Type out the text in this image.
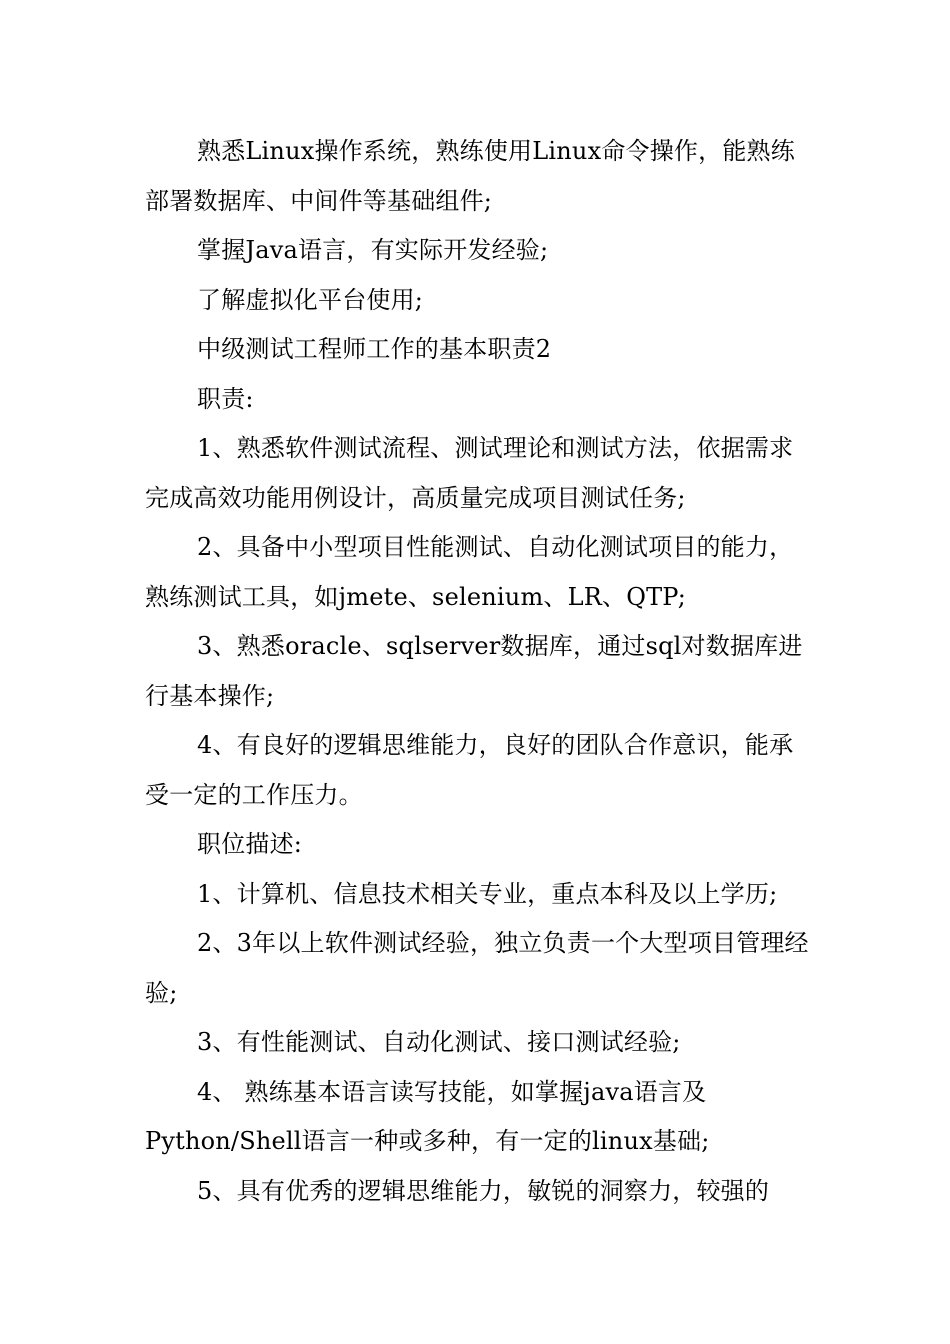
熟悉Linux操作系统，熟练使用Linux命令操作，能熟练部署数据库、中间件等基础组件;

掌握Java语言，有实际开发经验;

了解虚拟化平台使用;

中级测试工程师工作的基本职责2

职责:

1、熟悉软件测试流程、测试理论和测试方法，依据需求完成高效功能用例设计，高质量完成项目测试任务;

2、具备中小型项目性能测试、自动化测试项目的能力，熟练测试工具，如jmete、selenium、LR、QTP;

3、熟悉oracle、sqlserver数据库，通过sql对数据库进行基本操作;

4、有良好的逻辑思维能力，良好的团队合作意识，能承受一定的工作压力。

职位描述:

1、计算机、信息技术相关专业，重点本科及以上学历;

2、3年以上软件测试经验，独立负责一个大型项目管理经验;

3、有性能测试、自动化测试、接口测试经验;

4、 熟练基本语言读写技能，如掌握java语言及Python/Shell语言一种或多种，有一定的linux基础;

5、具有优秀的逻辑思维能力，敏锐的洞察力，较强的
